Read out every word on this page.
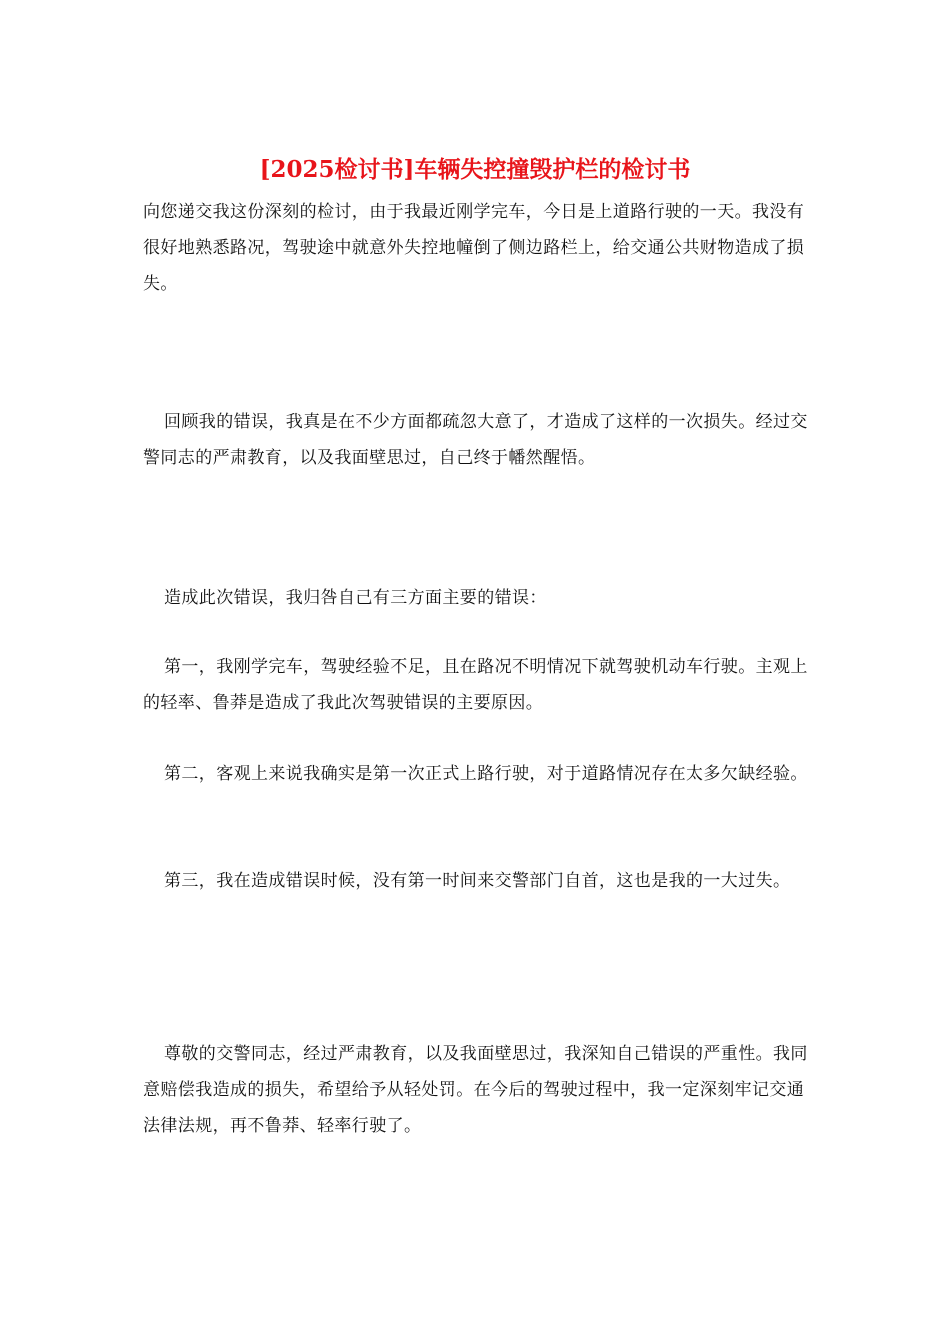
[2025检讨书]车辆失控撞毁护栏的检讨书
向您递交我这份深刻的检讨，由于我最近刚学完车，今日是上道路行驶的一天。我没有很好地熟悉路况，驾驶途中就意外失控地幢倒了侧边路栏上，给交通公共财物造成了损失。
回顾我的错误，我真是在不少方面都疏忽大意了，才造成了这样的一次损失。经过交警同志的严肃教育，以及我面壁思过，自己终于幡然醒悟。
造成此次错误，我归咎自己有三方面主要的错误：
第一，我刚学完车，驾驶经验不足，且在路况不明情况下就驾驶机动车行驶。主观上的轻率、鲁莽是造成了我此次驾驶错误的主要原因。
第二，客观上来说我确实是第一次正式上路行驶，对于道路情况存在太多欠缺经验。
第三，我在造成错误时候，没有第一时间来交警部门自首，这也是我的一大过失。
尊敬的交警同志，经过严肃教育，以及我面壁思过，我深知自己错误的严重性。我同意赔偿我造成的损失，希望给予从轻处罚。在今后的驾驶过程中，我一定深刻牢记交通法律法规，再不鲁莽、轻率行驶了。
